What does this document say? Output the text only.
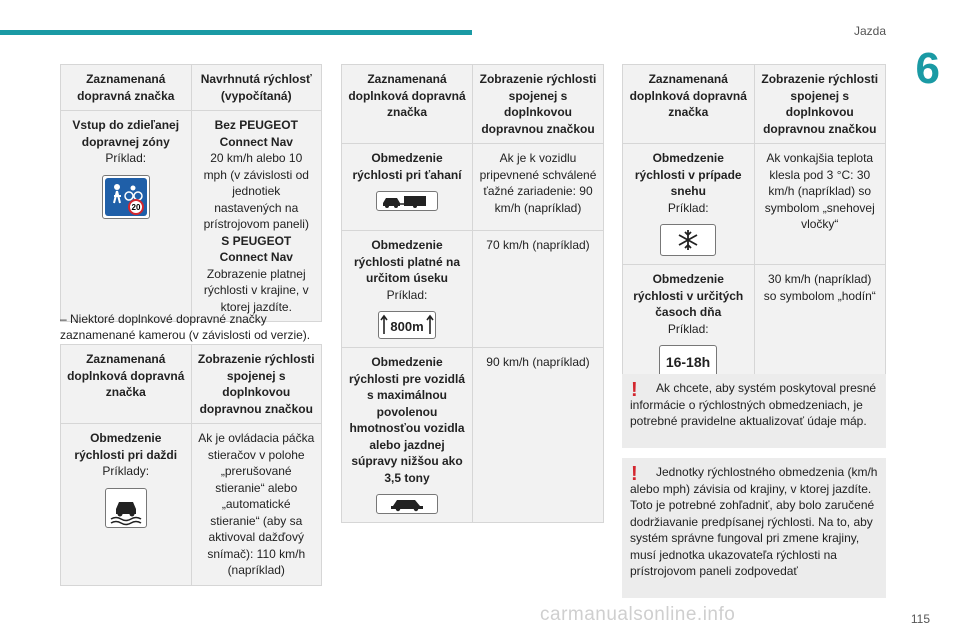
Jazda
6
Zaznamenaná dopravná značka	Navrhnutá rýchlosť (vypočítaná)

Vstup do zdieľanej dopravnej zóny
Príklad:
20	Bez PEUGEOT Connect Nav
20 km/h alebo 10 mph (v závislosti od jednotiek nastavených na prístrojovom paneli)
S PEUGEOT Connect Nav
Zobrazenie platnej rýchlosti v krajine, v ktorej jazdíte.
– Niektoré doplnkové dopravné značky zaznamenané kamerou (v závislosti od verzie).
Zaznamenaná doplnková dopravná značka	Zobrazenie rýchlosti spojenej s doplnkovou dopravnou značkou

Obmedzenie rýchlosti pri daždi
Príklady:	Ak je ovládacia páčka stieračov v polohe „prerušované stieranie“ alebo „automatické stieranie“ (aby sa aktivoval dažďový snímač): 110 km/h (napríklad)
Zaznamenaná doplnková dopravná značka	Zobrazenie rýchlosti spojenej s doplnkovou dopravnou značkou

Obmedzenie rýchlosti pri ťahaní	Ak je k vozidlu pripevnené schválené ťažné zariadenie: 90 km/h (napríklad)

Obmedzenie rýchlosti platné na určitom úseku
Príklad:
800m	70 km/h (napríklad)

Obmedzenie rýchlosti pre vozidlá s maximálnou povolenou hmotnosťou vozidla alebo jazdnej súpravy nižšou ako 3,5 tony	90 km/h (napríklad)
Zaznamenaná doplnková dopravná značka	Zobrazenie rýchlosti spojenej s doplnkovou dopravnou značkou

Obmedzenie rýchlosti v prípade snehu
Príklad:	Ak vonkajšia teplota klesla pod 3 °C: 30 km/h (napríklad) so symbolom „snehovej vločky“

Obmedzenie rýchlosti v určitých časoch dňa
Príklad:
16-18h	30 km/h (napríklad) so symbolom „hodín“
!	Ak chcete, aby systém poskytoval presné informácie o rýchlostných obmedzeniach, je potrebné pravidelne aktualizovať údaje máp.
!	Jednotky rýchlostného obmedzenia (km/h alebo mph) závisia od krajiny, v ktorej jazdíte. Toto je potrebné zohľadniť, aby bolo zaručené dodržiavanie predpísanej rýchlosti. Na to, aby systém správne fungoval pri zmene krajiny, musí jednotka ukazovateľa rýchlosti na prístrojovom paneli zodpovedať
carmanualsonline.info	115
